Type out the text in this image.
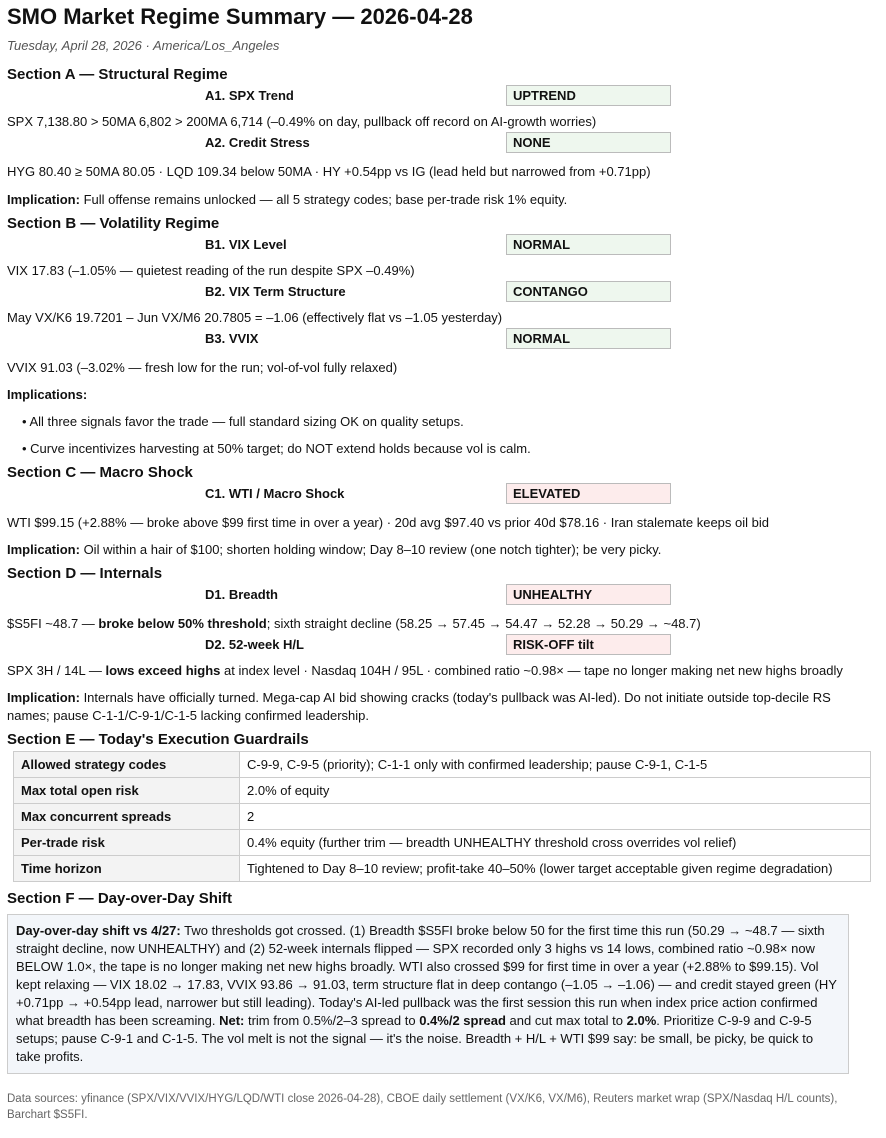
SMO Market Regime Summary — 2026-04-28
Tuesday, April 28, 2026 · America/Los_Angeles
Section A — Structural Regime
A1. SPX Trend	UPTREND

SPX 7,138.80 > 50MA 6,802 > 200MA 6,714 (–0.49% on day, pullback off record on AI-growth worries)

A2. Credit Stress	NONE

HYG 80.40 ≥ 50MA 80.05 · LQD 109.34 below 50MA · HY +0.54pp vs IG (lead held but narrowed from +0.71pp)

Implication: Full offense remains unlocked — all 5 strategy codes; base per-trade risk 1% equity.

Section B — Volatility Regime
B1. VIX Level	NORMAL

VIX 17.83 (–1.05% — quietest reading of the run despite SPX –0.49%)

B2. VIX Term Structure	CONTANGO

May VX/K6 19.7201 – Jun VX/M6 20.7805 = –1.06 (effectively flat vs –1.05 yesterday)

B3. VVIX	NORMAL

VVIX 91.03 (–3.02% — fresh low for the run; vol-of-vol fully relaxed)

Implications:

• All three signals favor the trade — full standard sizing OK on quality setups.
• Curve incentivizes harvesting at 50% target; do NOT extend holds because vol is calm.
Section C — Macro Shock
C1. WTI / Macro Shock	ELEVATED

WTI $99.15 (+2.88% — broke above $99 first time in over a year) · 20d avg $97.40 vs prior 40d $78.16 · Iran stalemate keeps oil bid

Implication: Oil within a hair of $100; shorten holding window; Day 8–10 review (one notch tighter); be very picky.

Section D — Internals
D1. Breadth	UNHEALTHY

$S5FI ~48.7 — broke below 50% threshold; sixth straight decline (58.25 → 57.45 → 54.47 → 52.28 → 50.29 → ~48.7)

D2. 52-week H/L	RISK-OFF tilt

SPX 3H / 14L — lows exceed highs at index level · Nasdaq 104H / 95L · combined ratio ~0.98× — tape no longer making net new highs broadly

Implication: Internals have officially turned. Mega-cap AI bid showing cracks (today's pullback was AI-led). Do not initiate outside top-decile RS names; pause C-1-1/C-9-1/C-1-5 lacking confirmed leadership.

Section E — Today's Execution Guardrails
Allowed strategy codes	C-9-9, C-9-5 (priority); C-1-1 only with confirmed leadership; pause C-9-1, C-1-5
Max total open risk	2.0% of equity
Max concurrent spreads	2
Per-trade risk	0.4% equity (further trim — breadth UNHEALTHY threshold cross overrides vol relief)
Time horizon	Tightened to Day 8–10 review; profit-take 40–50% (lower target acceptable given regime degradation)
Section F — Day-over-Day Shift
Day-over-day shift vs 4/27: Two thresholds got crossed. (1) Breadth $S5FI broke below 50 for the first time this run (50.29 → ~48.7 — sixth straight decline, now UNHEALTHY) and (2) 52-week internals flipped — SPX recorded only 3 highs vs 14 lows, combined ratio ~0.98× now BELOW 1.0×, the tape is no longer making net new highs broadly. WTI also crossed $99 for first time in over a year (+2.88% to $99.15). Vol kept relaxing — VIX 18.02 → 17.83, VVIX 93.86 → 91.03, term structure flat in deep contango (–1.05 → –1.06) — and credit stayed green (HY +0.71pp → +0.54pp lead, narrower but still leading). Today's AI-led pullback was the first session this run when index price action confirmed what breadth has been screaming. Net: trim from 0.5%/2–3 spread to 0.4%/2 spread and cut max total to 2.0%. Prioritize C-9-9 and C-9-5 setups; pause C-9-1 and C-1-5. The vol melt is not the signal — it's the noise. Breadth + H/L + WTI $99 say: be small, be picky, be quick to take profits.
Data sources: yfinance (SPX/VIX/VVIX/HYG/LQD/WTI close 2026-04-28), CBOE daily settlement (VX/K6, VX/M6), Reuters market wrap (SPX/Nasdaq H/L counts), Barchart $S5FI.
